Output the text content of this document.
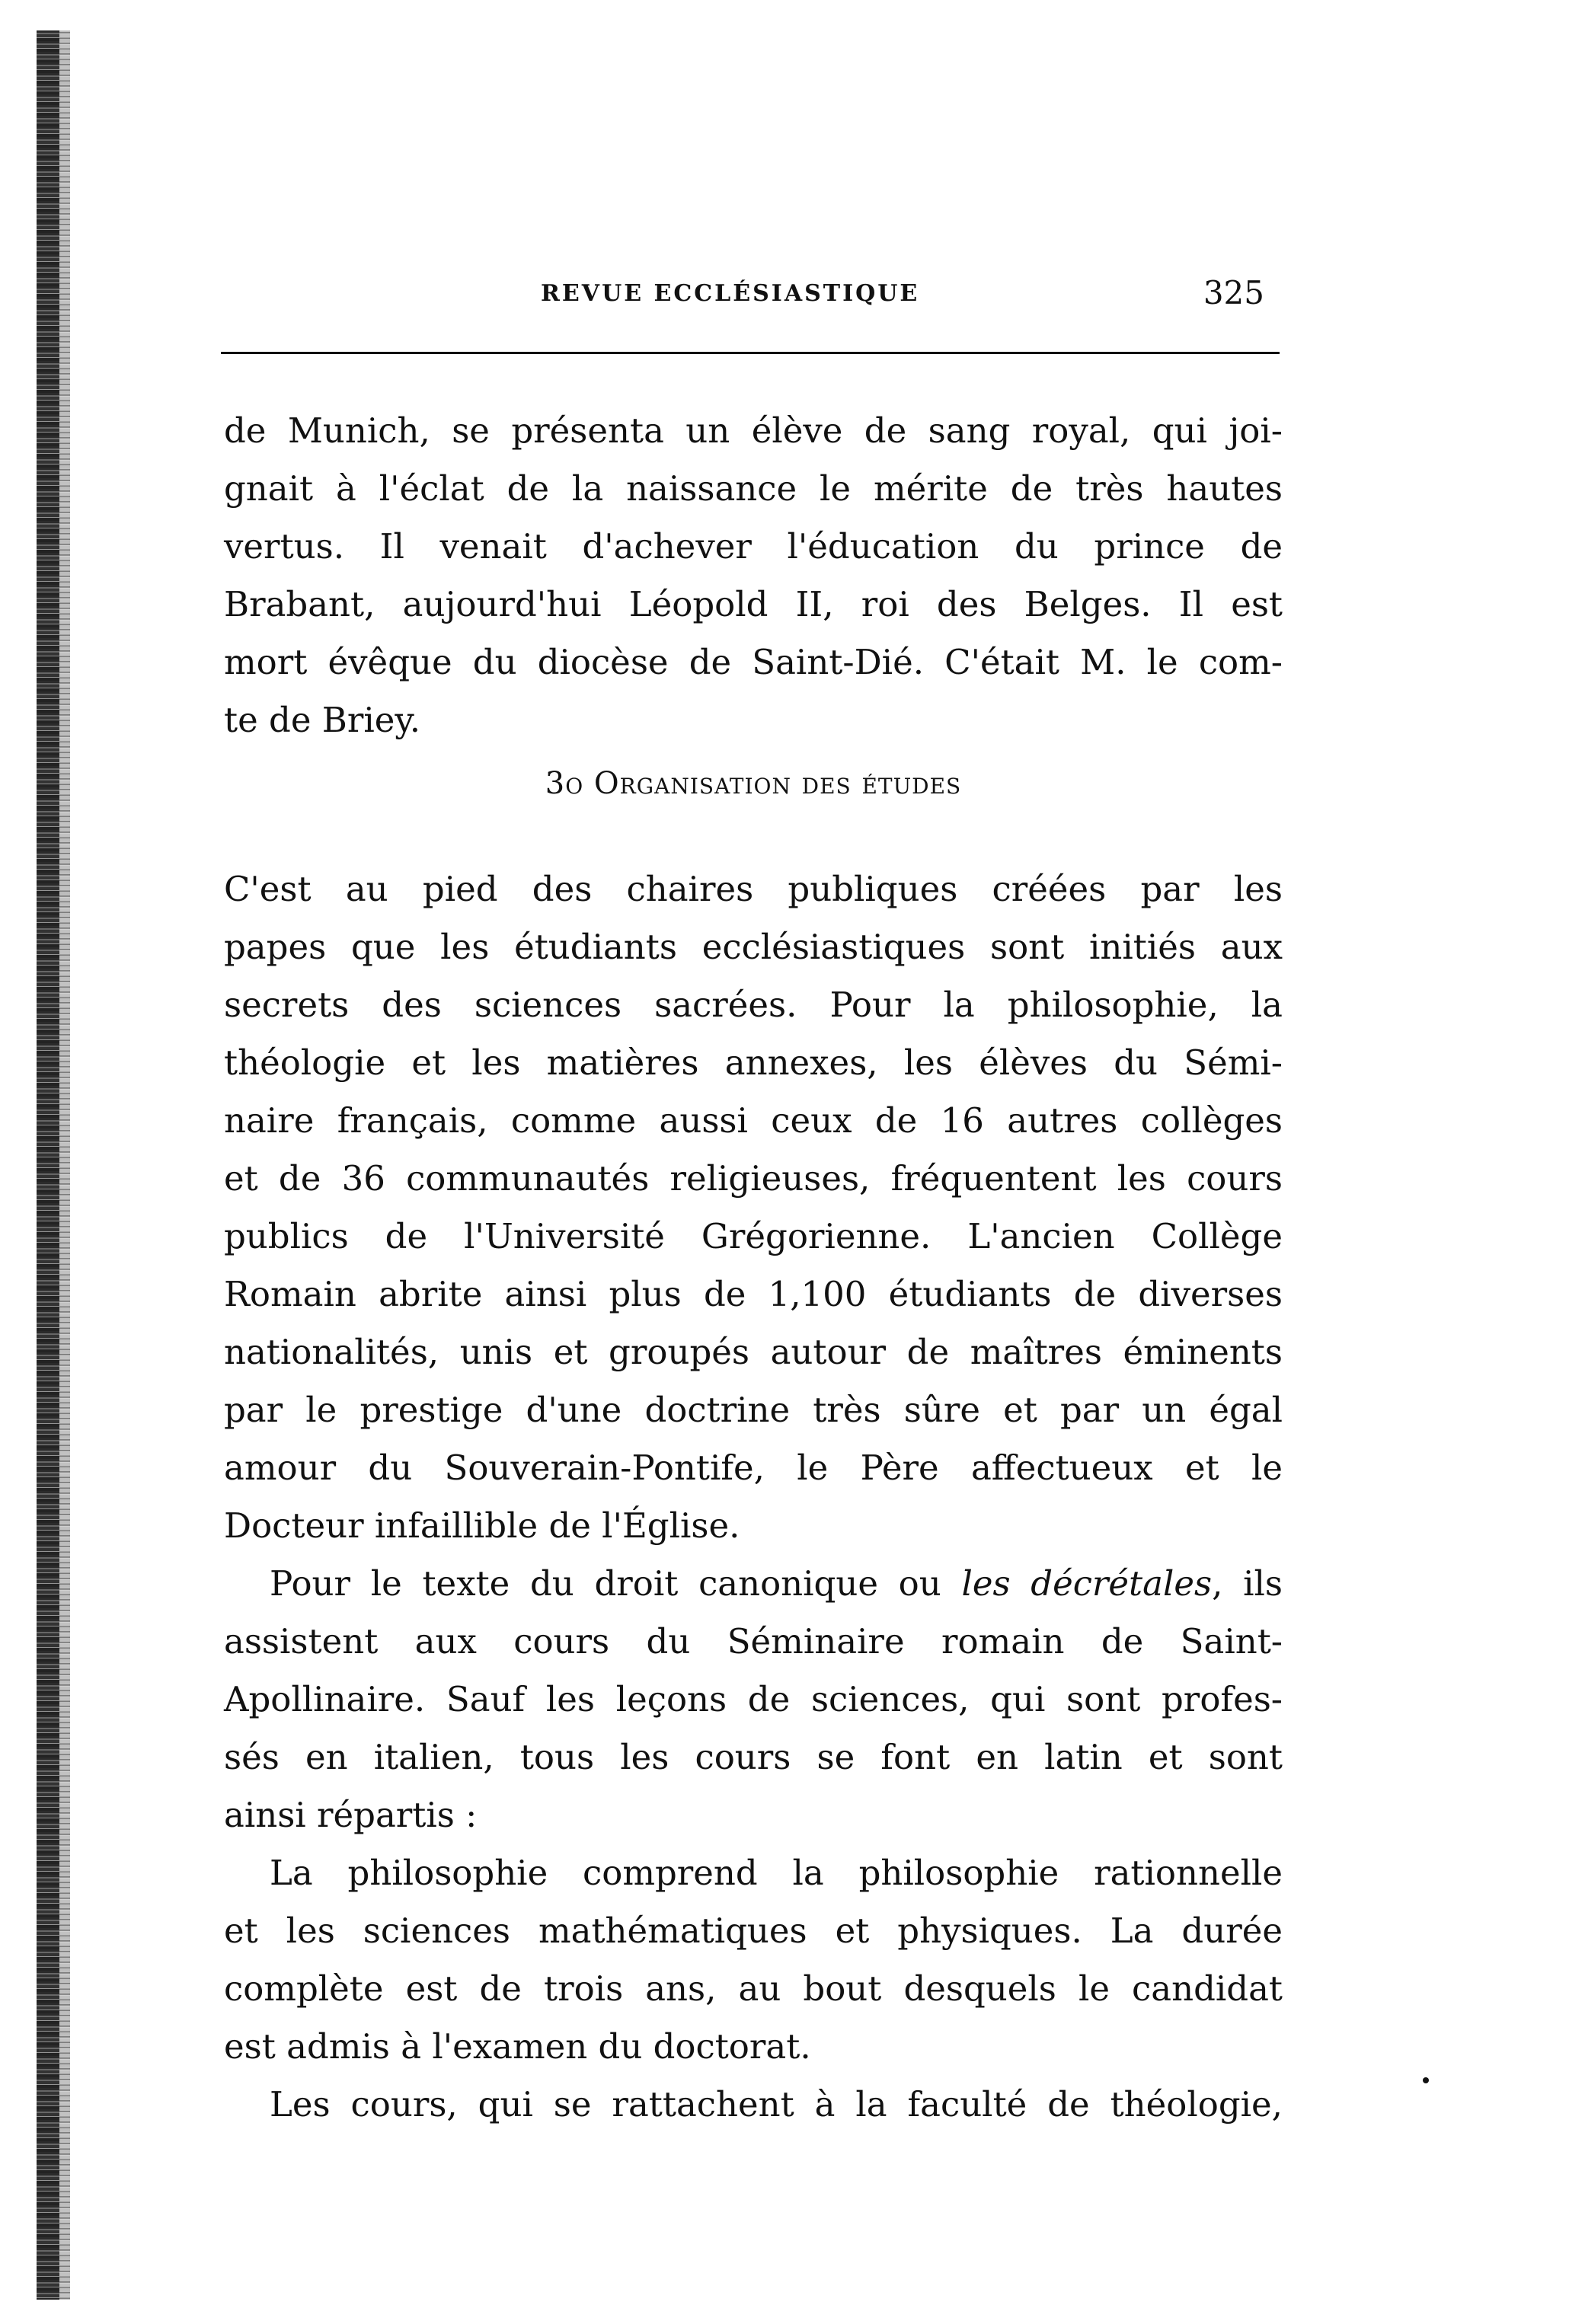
REVUE ECCLÉSIASTIQUE	325
de Munich, se présenta un élève de sang royal, qui joi-
gnait à l'éclat de la naissance le mérite de très hautes
vertus. Il venait d'achever l'éducation du prince de
Brabant, aujourd'hui Léopold II, roi des Belges. Il est
mort évêque du diocèse de Saint-Dié. C'était M. le com-
te de Briey.
3o Organisation des études
C'est au pied des chaires publiques créées par les
papes que les étudiants ecclésiastiques sont initiés aux
secrets des sciences sacrées. Pour la philosophie, la
théologie et les matières annexes, les élèves du Sémi-
naire français, comme aussi ceux de 16 autres collèges
et de 36 communautés religieuses, fréquentent les cours
publics de l'Université Grégorienne. L'ancien Collège
Romain abrite ainsi plus de 1,100 étudiants de diverses
nationalités, unis et groupés autour de maîtres éminents
par le prestige d'une doctrine très sûre et par un égal
amour du Souverain-Pontife, le Père affectueux et le
Docteur infaillible de l'Église.
Pour le texte du droit canonique ou les décrétales, ils
assistent aux cours du Séminaire romain de Saint-
Apollinaire. Sauf les leçons de sciences, qui sont profes-
sés en italien, tous les cours se font en latin et sont
ainsi répartis :
La philosophie comprend la philosophie rationnelle
et les sciences mathématiques et physiques. La durée
complète est de trois ans, au bout desquels le candidat
est admis à l'examen du doctorat.
Les cours, qui se rattachent à la faculté de théologie,
